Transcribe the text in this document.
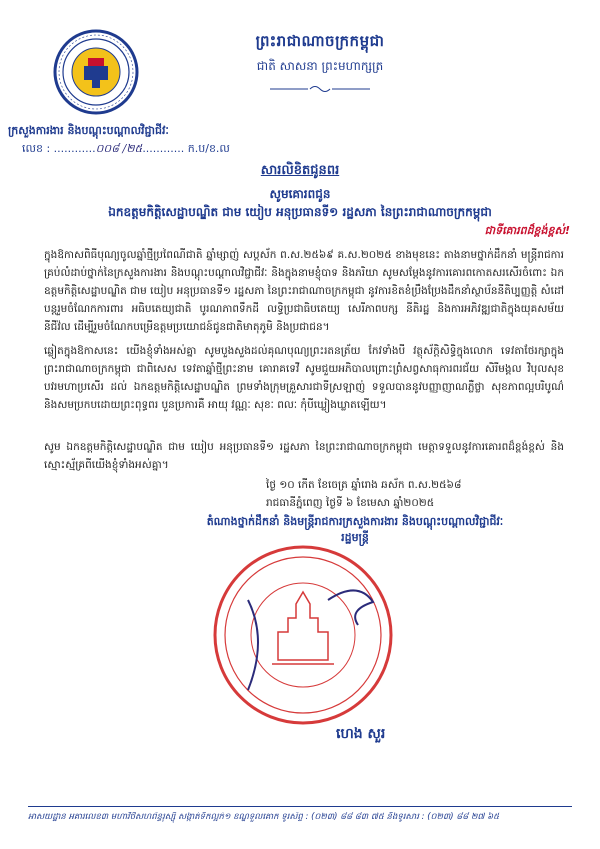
ព្រះរាជាណាចក្រកម្ពុជា
ជាតិ សាសនា ព្រះមហាក្សត្រ
ក្រសួងការងារ និងបណ្តុះបណ្តាលវិជ្ជាជីវៈ
លេខ : ............០០៨ /២៥............ ក.ប/ខ.ល
សារលិខិតជូនពរ
សូមគោរពជូន
ឯកឧត្តមកិត្តិសេដ្ឋាបណ្ឌិត ជាម យៀប អនុប្រធានទី១ រដ្ឋសភា នៃព្រះរាជាណាចក្រកម្ពុជា
ជាទីគោរពដ៏ខ្ពង់ខ្ពស់!
ក្នុងឱកាសពិធីបុណ្យចូលឆ្នាំថ្មីប្រពៃណីជាតិ ឆ្នាំម្សាញ់ សប្តស័ក ព.ស.២៥៦៩ គ.ស.២០២៥ ខាងមុខនេះ តាងនាមថ្នាក់ដឹកនាំ មន្ត្រីរាជការគ្រប់លំដាប់ថ្នាក់នៃក្រសួងការងារ និងបណ្តុះបណ្តាលវិជ្ជាជីវៈ និងក្នុងនាមខ្ញុំបាទ និងភរិយា សូមសម្តែងនូវការគោរពកោតសរសើរចំពោះ ឯកឧត្តមកិត្តិសេដ្ឋាបណ្ឌិត ជាម យៀប អនុប្រធានទី១ រដ្ឋសភា នៃព្រះរាជាណាចក្រកម្ពុជា នូវការខិតខំប្រឹងប្រែងដឹកនាំស្ថាប័ននីតិប្បញ្ញត្តិ សំដៅបន្តរួមចំណែកការពារ អធិបតេយ្យជាតិ បូរណភាពទឹកដី លទ្ធិប្រជាធិបតេយ្យ សេរីភាពបក្ស នីតិរដ្ឋ និងការអភិវឌ្ឍជាតិក្នុងយុគសម័យ នីជីវ៉ល ដើម្បីរួមចំណែកបម្រើឧត្តមប្រយោជន៍ជូនជាតិមាតុភូមិ និងប្រជាជន។
ឆ្លៀតក្នុងឱកាសនេះ យើងខ្ញុំទាំងអស់គ្នា សូមបួងសួងដល់គុណបុណ្យព្រះរតនត្រ័យ កែវទាំងបី វត្ថុស័ក្តិសិទ្ធិក្នុងលោក ទេវតាថែរក្សាក្នុងព្រះរាជាណាចក្រកម្ពុជា ជាពិសេស ទេវតាឆ្នាំថ្មីព្រះនាម គោរាគទេវី សូមជួយអភិបាលព្រោះព្រំសព្វសាធុការពរជ័យ សិរីមង្គល វិបុលសុខ បវរមហាប្រសើរ ដល់ ឯកឧត្តមកិត្តិសេដ្ឋាបណ្ឌិត ព្រមទាំងក្រុមគ្រួសារជាទីស្រឡាញ់ ទទួលបាននូវបញ្ញាញាណភ្លឺថ្លា សុខភាពល្អបរិបូណ៌ និងសមប្រកបដោយព្រះពុទ្ធពរ បួនប្រការគឺ អាយុ វណ្ណៈ សុខៈ ពលៈ កុំបីឃ្លៀងឃ្លាតឡើយ។
សូម ឯកឧត្តមកិត្តិសេដ្ឋាបណ្ឌិត ជាម យៀប អនុប្រធានទី១ រដ្ឋសភា នៃព្រះរាជាណាចក្រកម្ពុជា មេត្តាទទួលនូវការគោរពដ៏ខ្ពង់ខ្ពស់ និងស្មោះស្ម័គ្រពីយើងខ្ញុំទាំងអស់គ្នា។
ថ្ងៃ ១០ កើត ខែចេត្រ ឆ្នាំរោង ឆស័ក ព.ស.២៥៦៨
រាជធានីភ្នំពេញ ថ្ងៃទី ៦ ខែមេសា ឆ្នាំ២០២៥
តំណាងថ្នាក់ដឹកនាំ និងមន្ត្រីរាជការក្រសួងការងារ និងបណ្តុះបណ្តាលវិជ្ជាជីវៈ
រដ្ឋមន្ត្រី
ហេង សួរ
អាសយដ្ឋាន អគារលេខ៣ មហាវិថីសហព័ន្ធរុស្ស៊ី សង្កាត់ទឹកល្អក់១ ខណ្ឌទួលគោក ទូរស័ព្ទ : (០២៣) ៨៨ ៨៣ ៧៥ និងទូរសារ : (០២៣) ៨៨ ២៧ ៦៥
